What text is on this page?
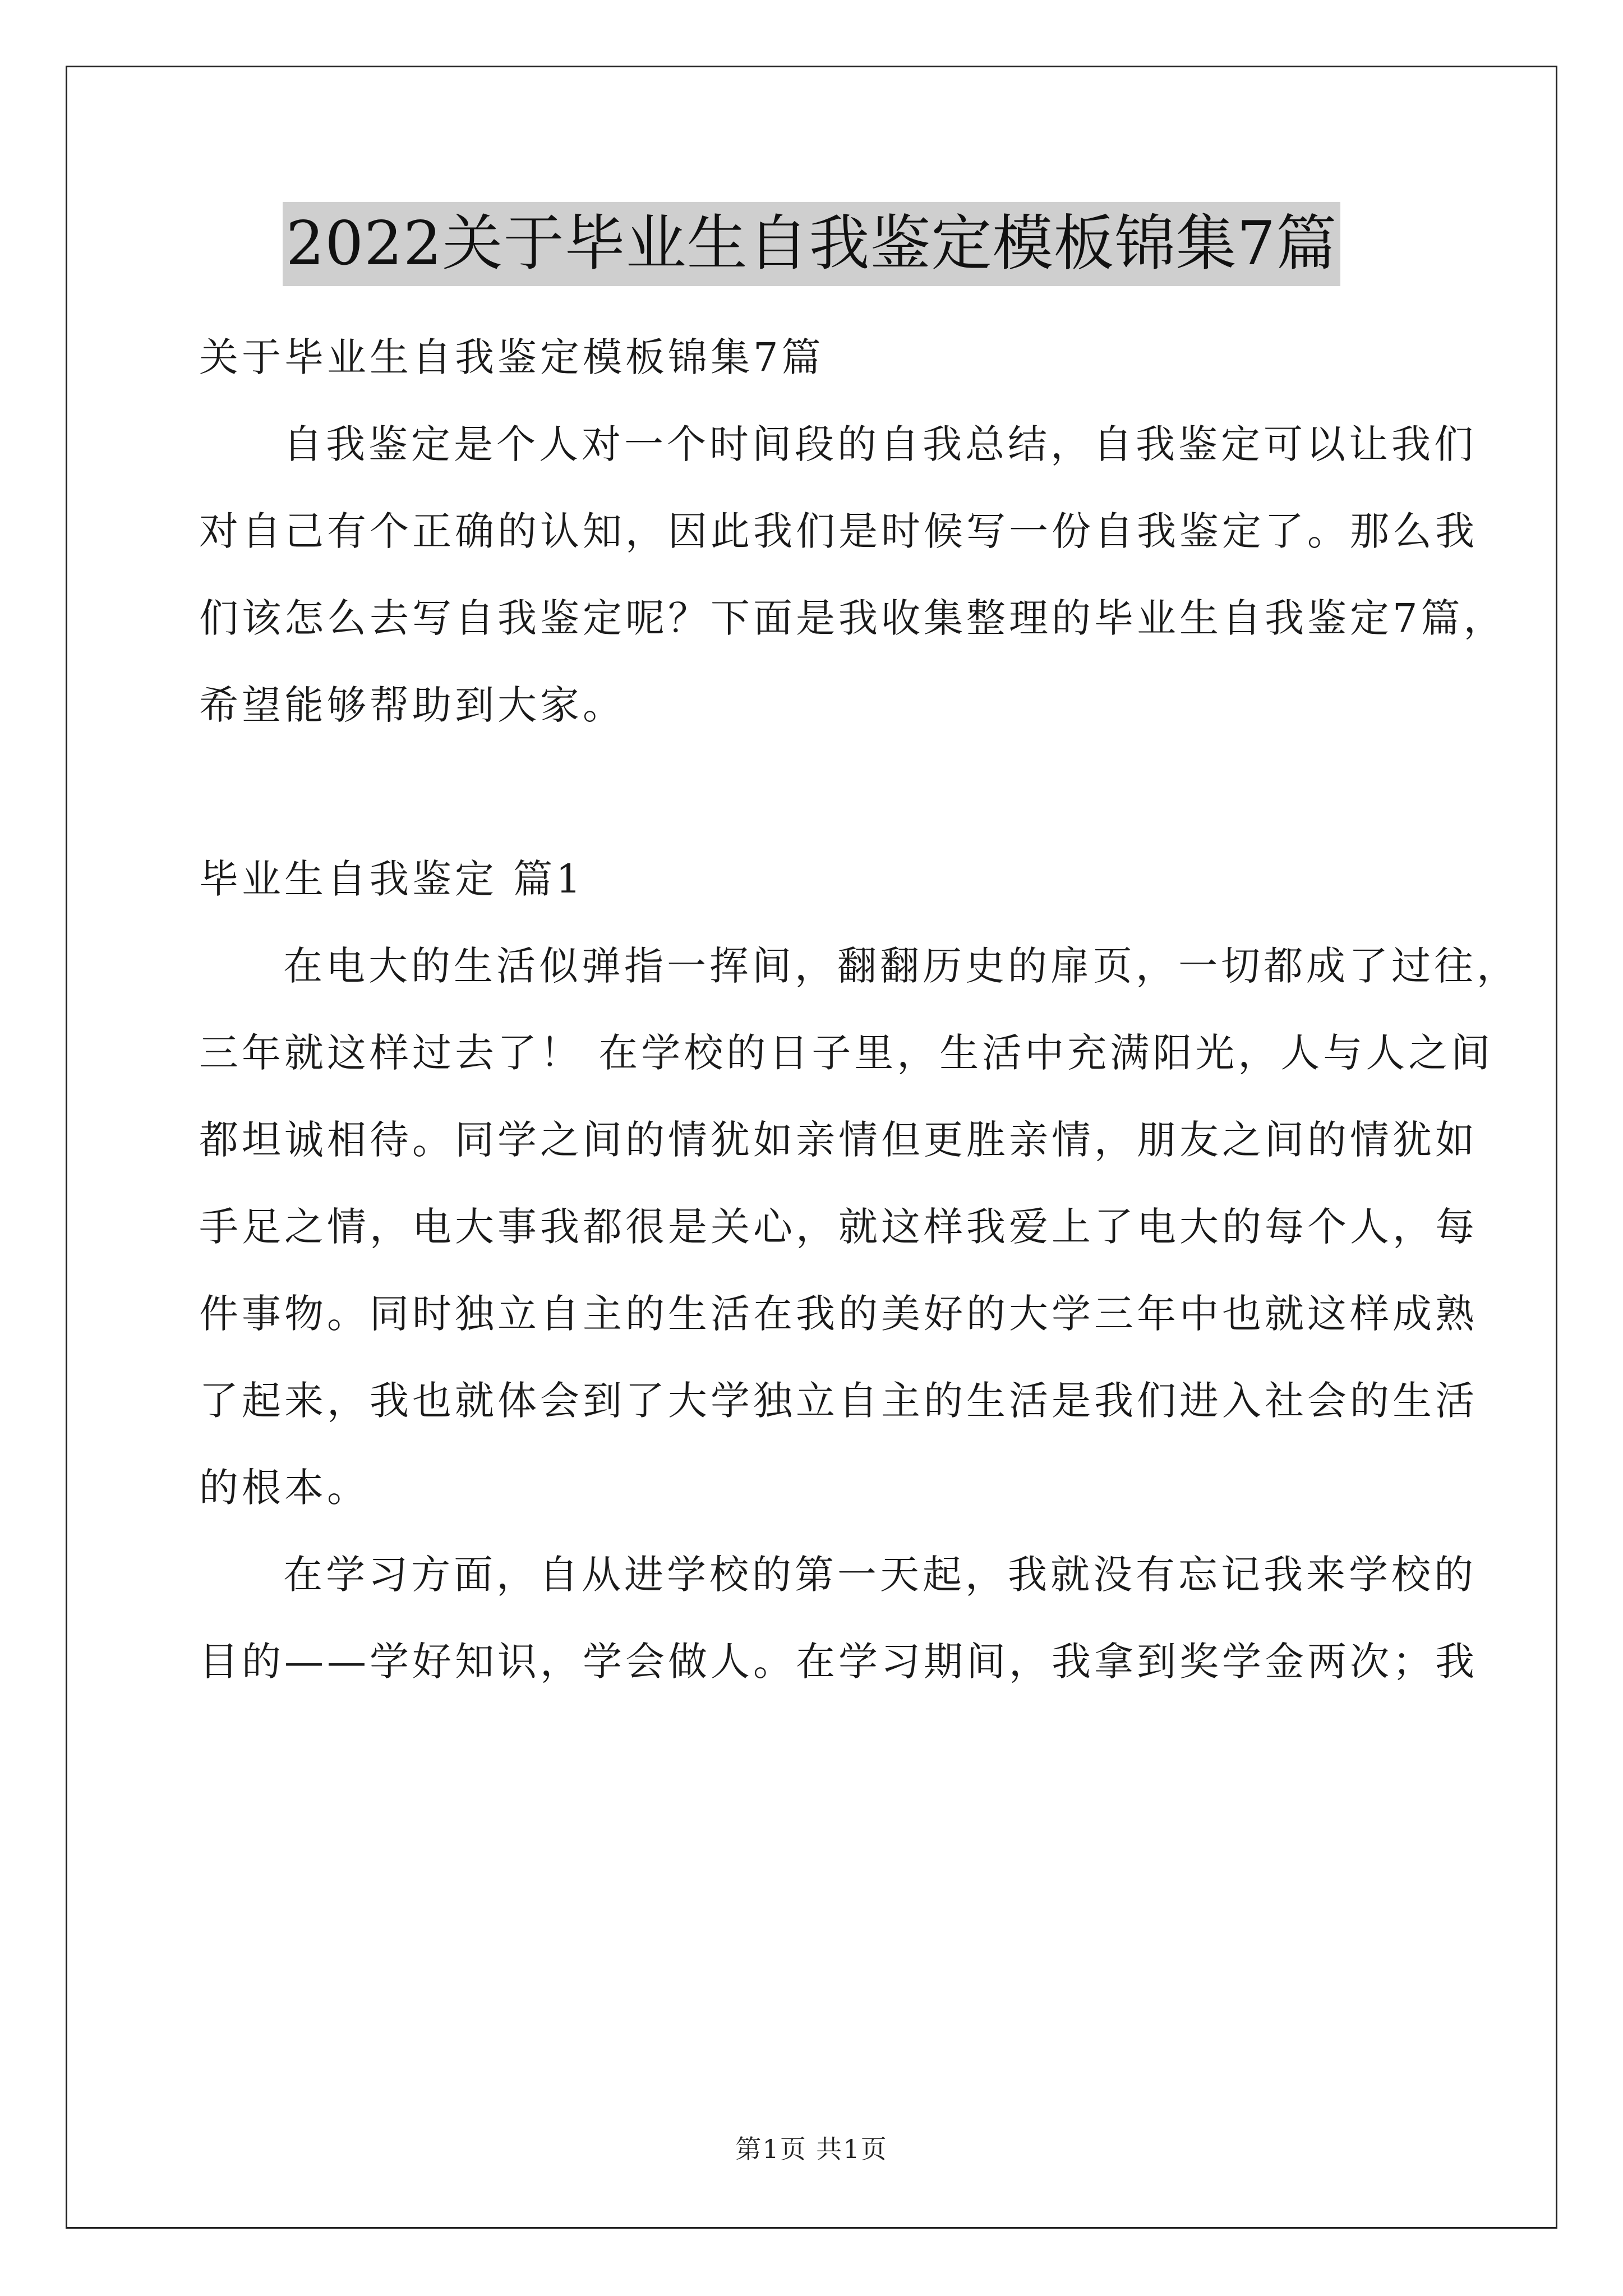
2022关于毕业生自我鉴定模板锦集7篇
关于毕业生自我鉴定模板锦集7篇
自我鉴定是个人对一个时间段的自我总结，自我鉴定可以让我们
对自己有个正确的认知，因此我们是时候写一份自我鉴定了。那么我
们该怎么去写自我鉴定呢？下面是我收集整理的毕业生自我鉴定7篇，
希望能够帮助到大家。
毕业生自我鉴定 篇1
在电大的生活似弹指一挥间，翻翻历史的扉页，一切都成了过往，
三年就这样过去了！ 在学校的日子里，生活中充满阳光，人与人之间
都坦诚相待。同学之间的情犹如亲情但更胜亲情，朋友之间的情犹如
手足之情，电大事我都很是关心，就这样我爱上了电大的每个人，每
件事物。同时独立自主的生活在我的美好的大学三年中也就这样成熟
了起来，我也就体会到了大学独立自主的生活是我们进入社会的生活
的根本。
在学习方面，自从进学校的第一天起，我就没有忘记我来学校的
目的——学好知识，学会做人。在学习期间，我拿到奖学金两次；我
第1页 共1页
